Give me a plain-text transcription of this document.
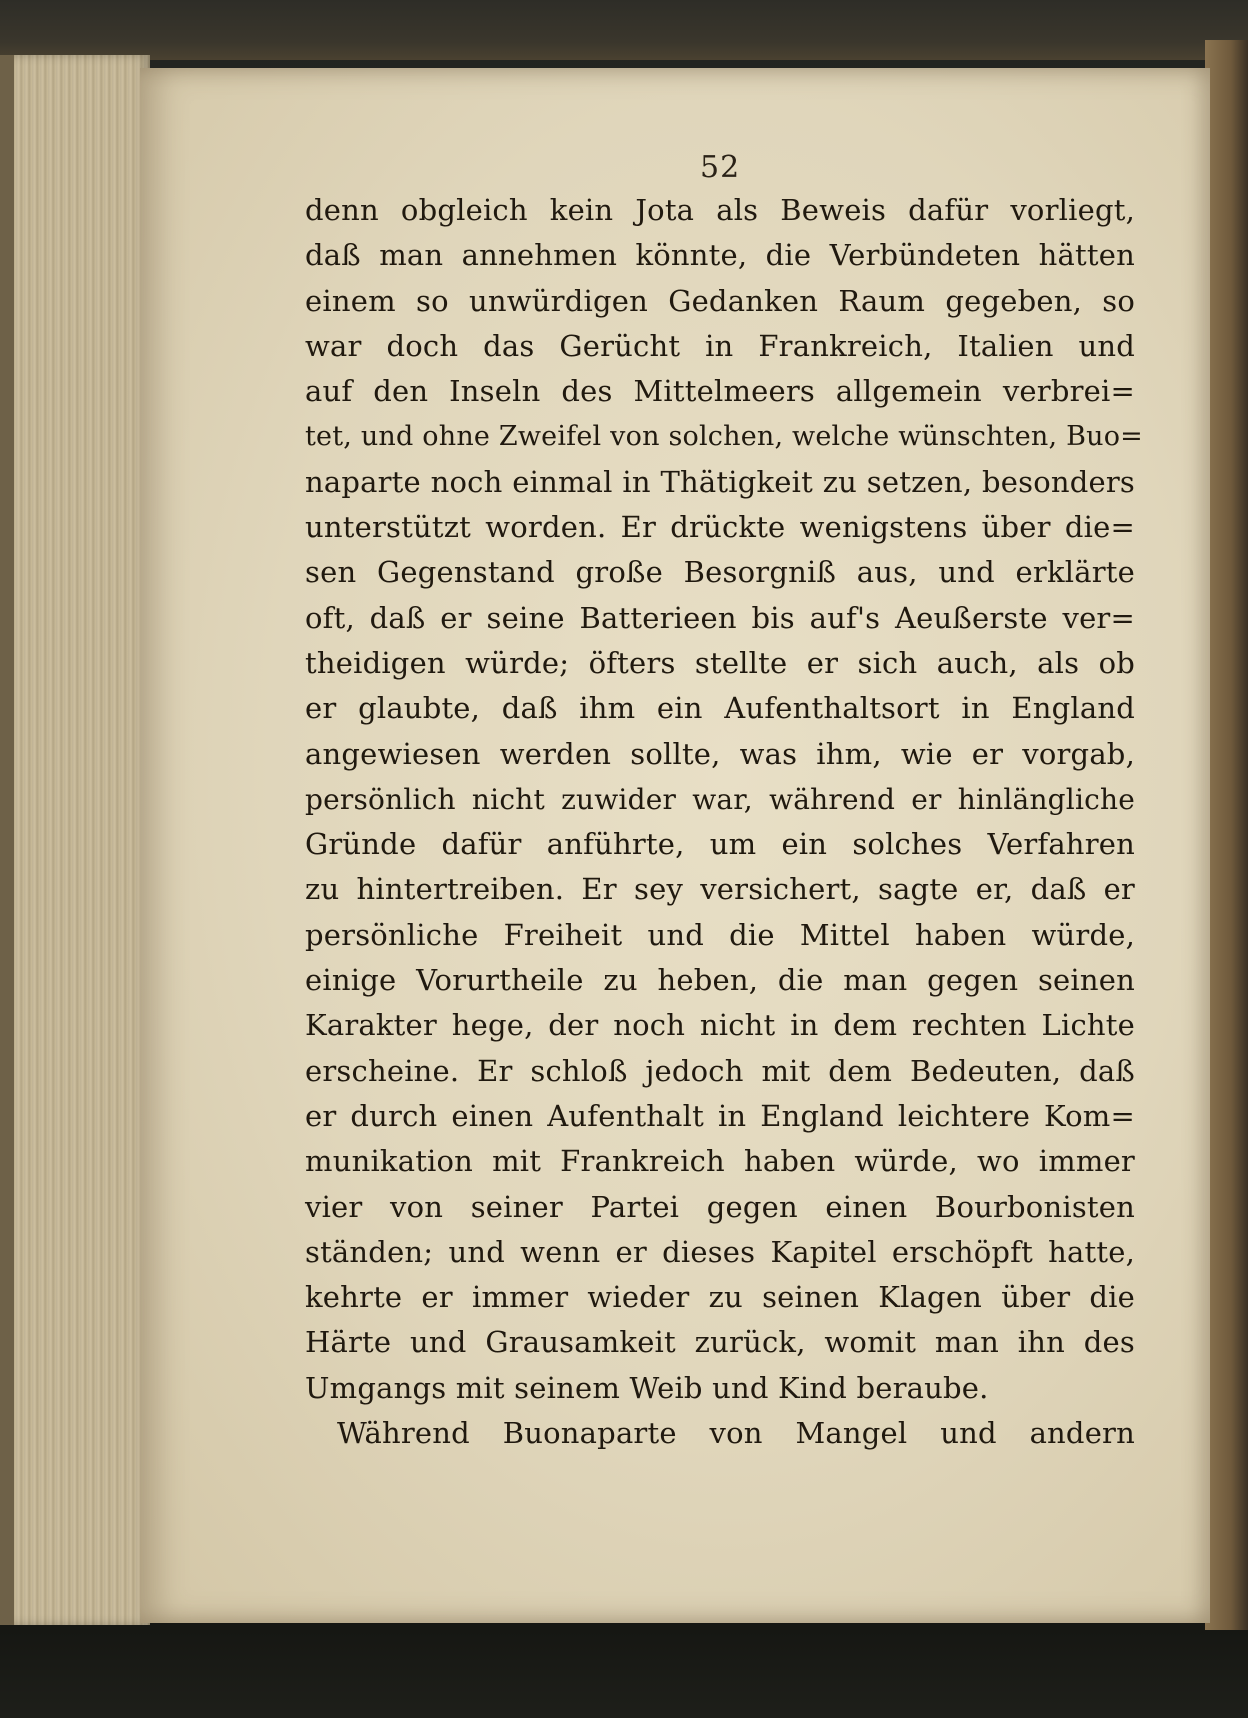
52
denn obgleich kein Jota als Beweis dafür vorliegt,
daß man annehmen könnte, die Verbündeten hätten
einem so unwürdigen Gedanken Raum gegeben, so
war doch das Gerücht in Frankreich, Italien und
auf den Inseln des Mittelmeers allgemein verbrei=
tet, und ohne Zweifel von solchen, welche wünschten, Buo=
naparte noch einmal in Thätigkeit zu setzen, besonders
unterstützt worden. Er drückte wenigstens über die=
sen Gegenstand große Besorgniß aus, und erklärte
oft, daß er seine Batterieen bis auf's Aeußerste ver=
theidigen würde; öfters stellte er sich auch, als ob
er glaubte, daß ihm ein Aufenthaltsort in England
angewiesen werden sollte, was ihm, wie er vorgab,
persönlich nicht zuwider war, während er hinlängliche
Gründe dafür anführte, um ein solches Verfahren
zu hintertreiben. Er sey versichert, sagte er, daß er
persönliche Freiheit und die Mittel haben würde,
einige Vorurtheile zu heben, die man gegen seinen
Karakter hege, der noch nicht in dem rechten Lichte
erscheine. Er schloß jedoch mit dem Bedeuten, daß
er durch einen Aufenthalt in England leichtere Kom=
munikation mit Frankreich haben würde, wo immer
vier von seiner Partei gegen einen Bourbonisten
ständen; und wenn er dieses Kapitel erschöpft hatte,
kehrte er immer wieder zu seinen Klagen über die
Härte und Grausamkeit zurück, womit man ihn des
Umgangs mit seinem Weib und Kind beraube.
Während Buonaparte von Mangel und andern
